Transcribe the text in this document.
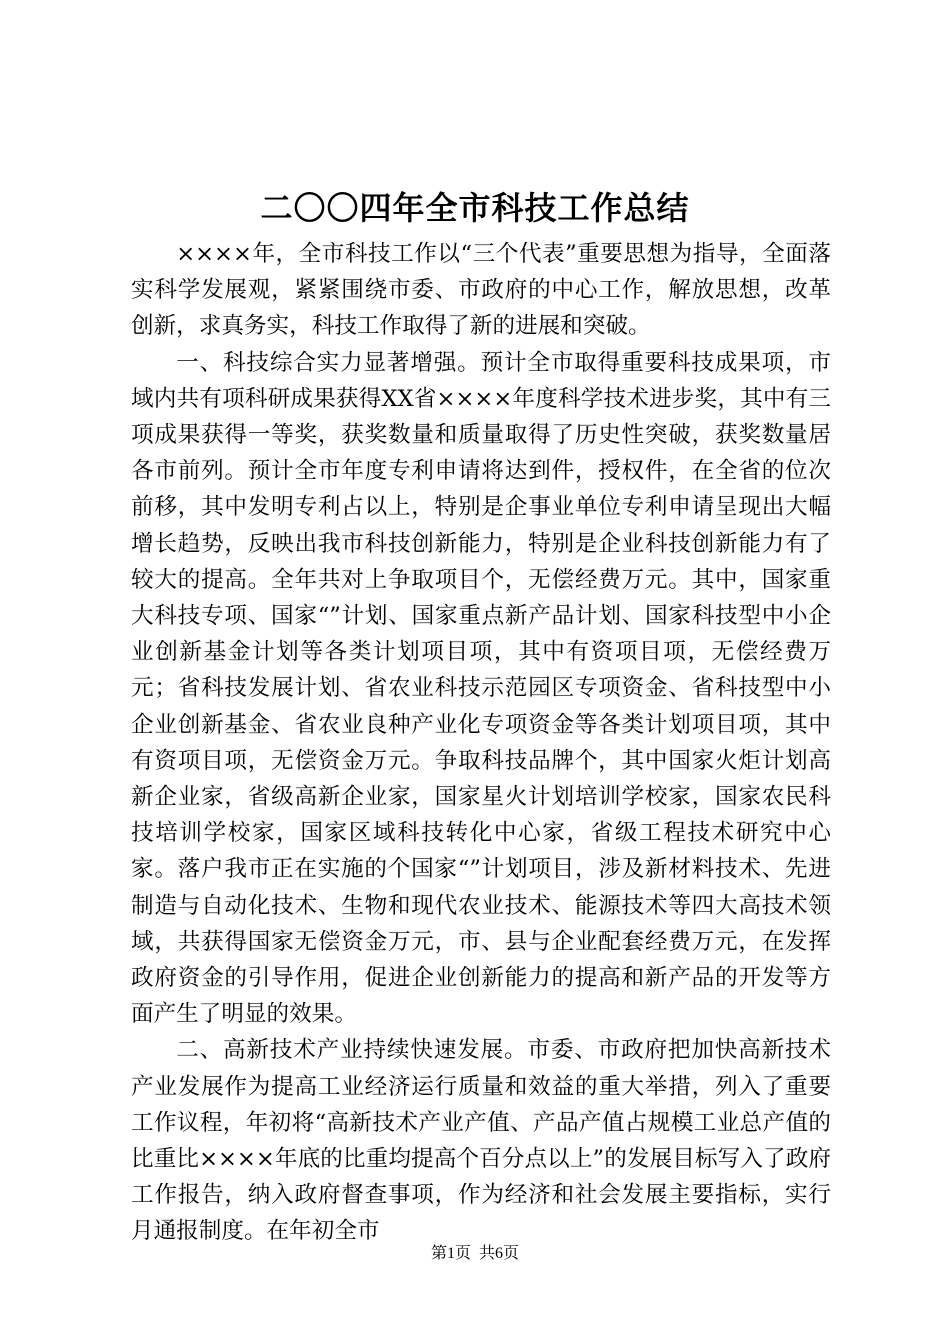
二〇〇四年全市科技工作总结

××××年，全市科技工作以“三个代表”重要思想为指导，全面落实科学发展观，紧紧围绕市委、市政府的中心工作，解放思想，改革创新，求真务实，科技工作取得了新的进展和突破。

一、科技综合实力显著增强。预计全市取得重要科技成果项，市域内共有项科研成果获得XX省××××年度科学技术进步奖，其中有三项成果获得一等奖，获奖数量和质量取得了历史性突破，获奖数量居各市前列。预计全市年度专利申请将达到件，授权件，在全省的位次前移，其中发明专利占以上，特别是企事业单位专利申请呈现出大幅增长趋势，反映出我市科技创新能力，特别是企业科技创新能力有了较大的提高。全年共对上争取项目个，无偿经费万元。其中，国家重大科技专项、国家“”计划、国家重点新产品计划、国家科技型中小企业创新基金计划等各类计划项目项，其中有资项目项，无偿经费万元；省科技发展计划、省农业科技示范园区专项资金、省科技型中小企业创新基金、省农业良种产业化专项资金等各类计划项目项，其中有资项目项，无偿资金万元。争取科技品牌个，其中国家火炬计划高新企业家，省级高新企业家，国家星火计划培训学校家，国家农民科技培训学校家，国家区域科技转化中心家，省级工程技术研究中心家。落户我市正在实施的个国家“”计划项目，涉及新材料技术、先进制造与自动化技术、生物和现代农业技术、能源技术等四大高技术领域，共获得国家无偿资金万元，市、县与企业配套经费万元，在发挥政府资金的引导作用，促进企业创新能力的提高和新产品的开发等方面产生了明显的效果。

二、高新技术产业持续快速发展。市委、市政府把加快高新技术产业发展作为提高工业经济运行质量和效益的重大举措，列入了重要工作议程，年初将“高新技术产业产值、产品产值占规模工业总产值的比重比××××年底的比重均提高个百分点以上”的发展目标写入了政府工作报告，纳入政府督查事项，作为经济和社会发展主要指标，实行月通报制度。在年初全市

第1页 共6页
